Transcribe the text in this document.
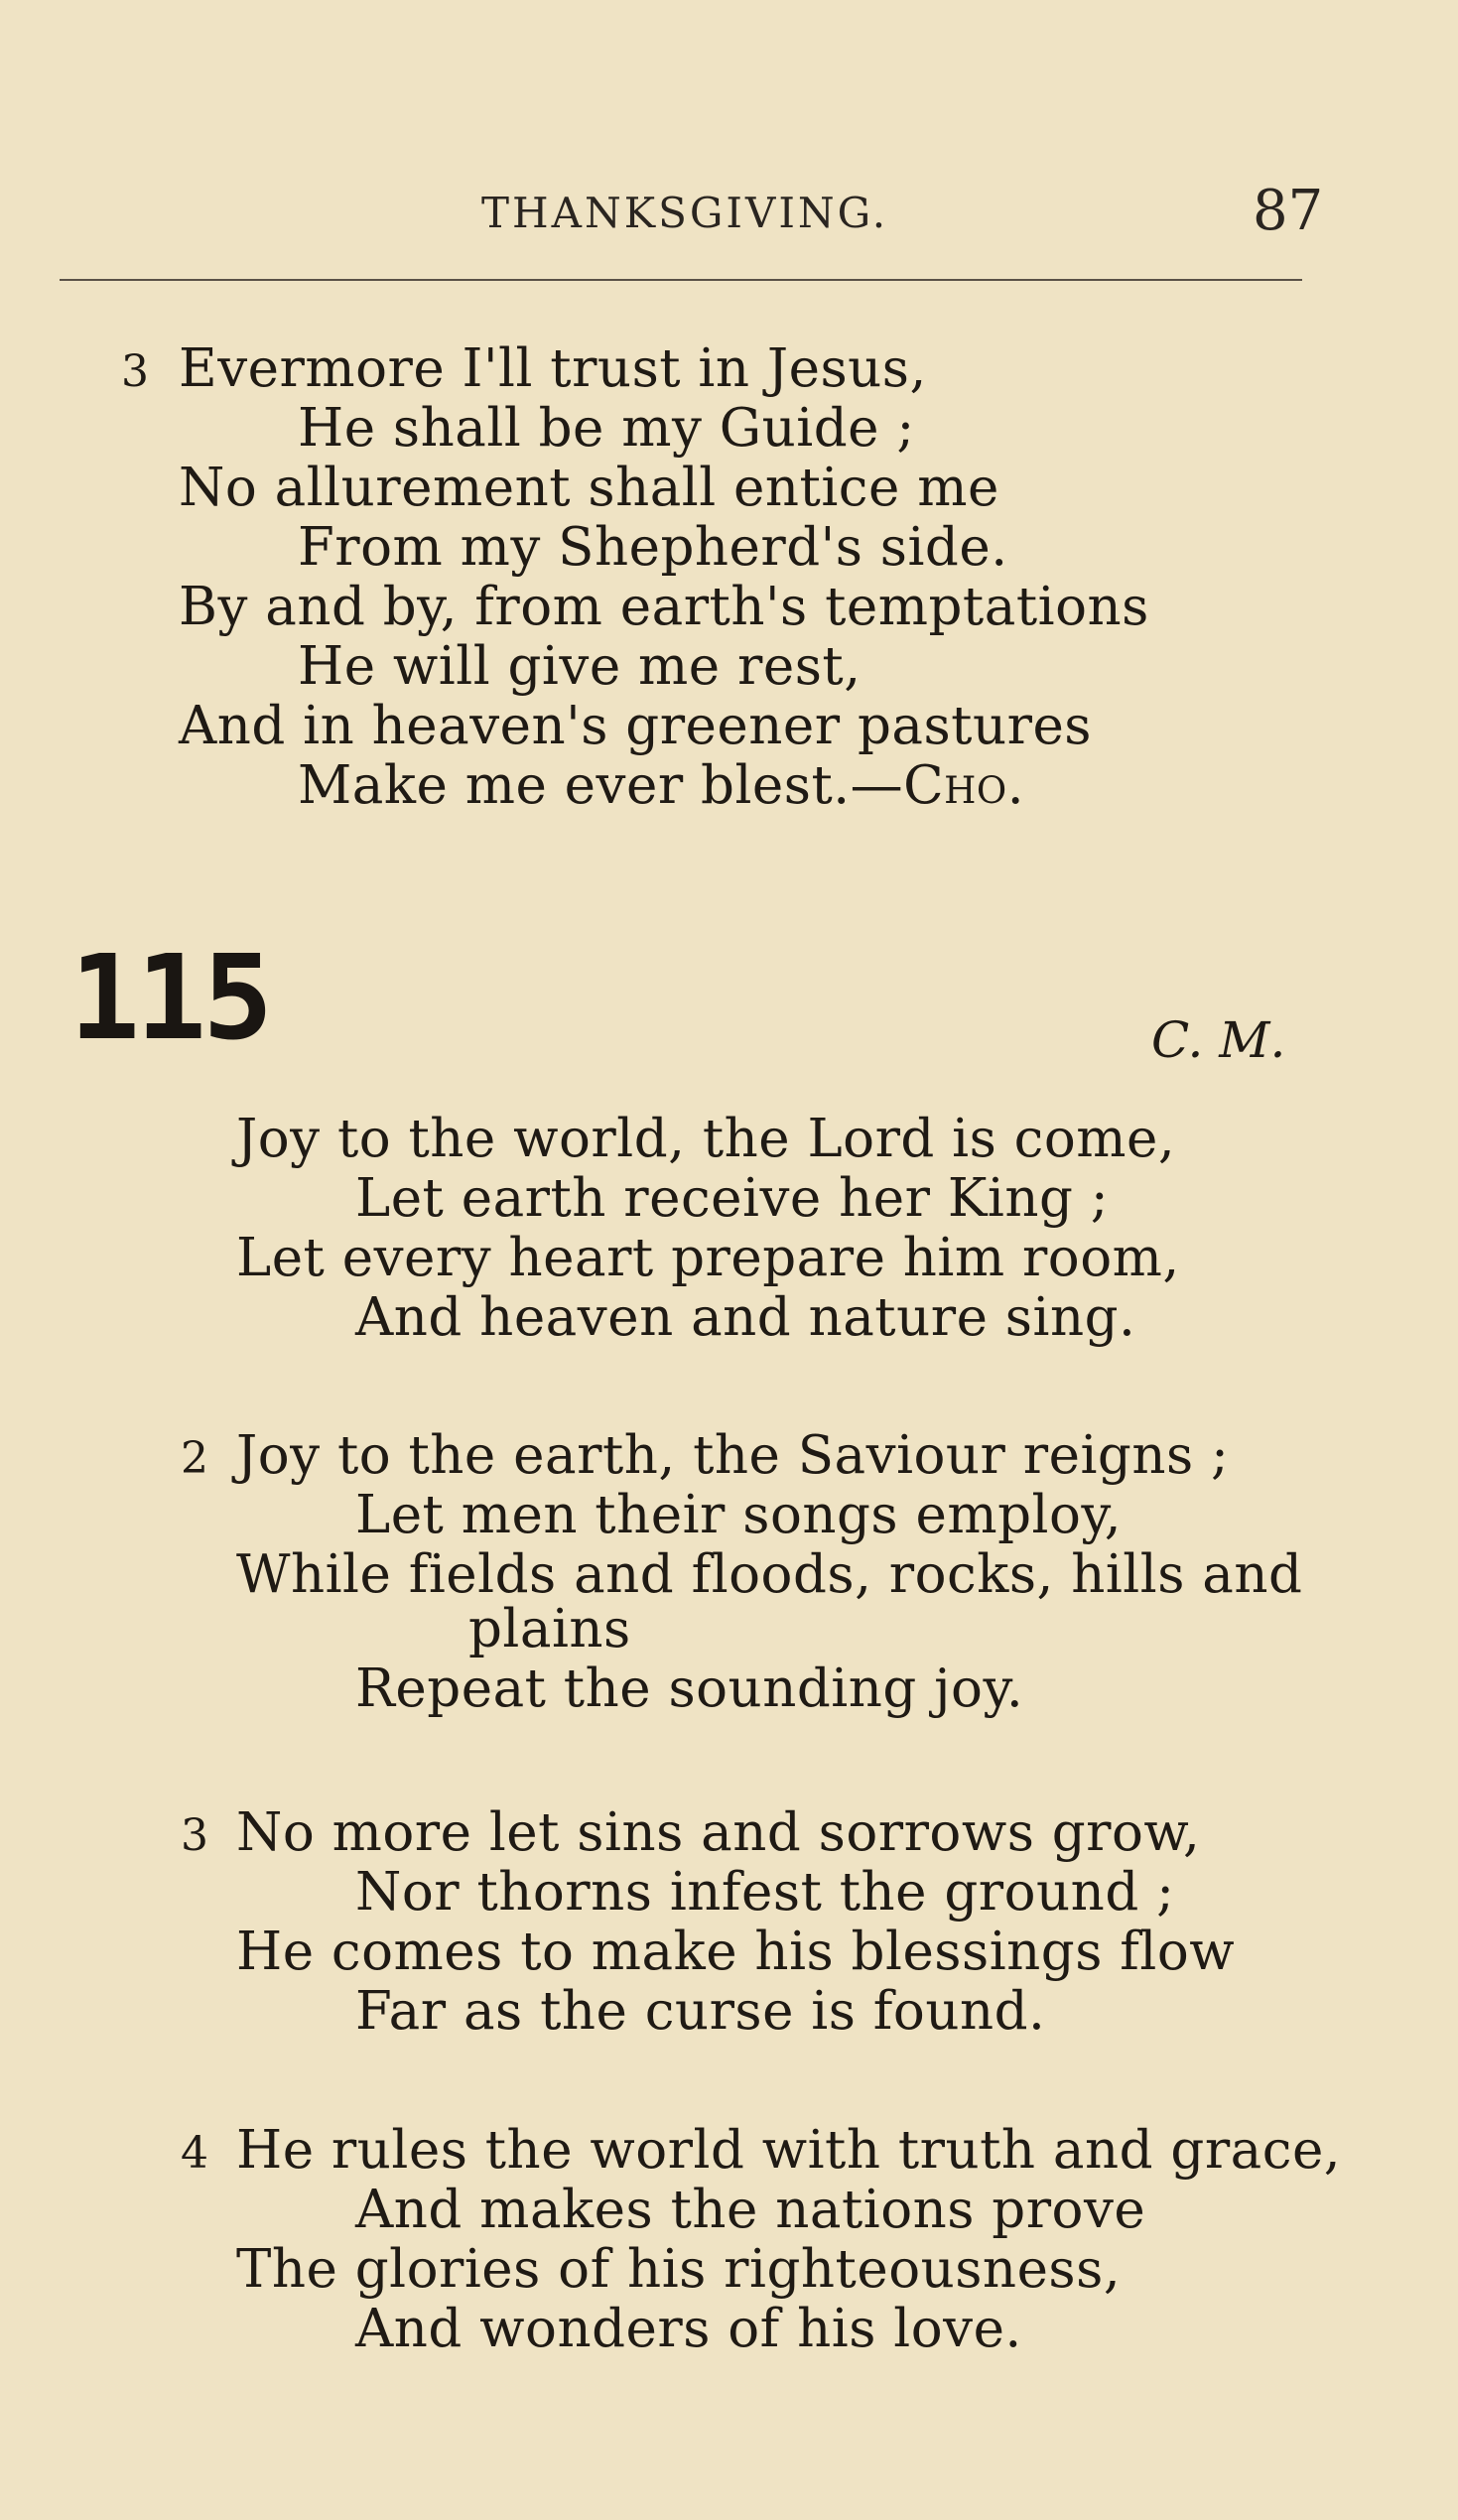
THANKSGIVING.	87
3 Evermore I'll trust in Jesus,
He shall be my Guide ;
No allurement shall entice me
From my Shepherd's side.
By and by, from earth's temptations
He will give me rest,
And in heaven's greener pastures
Make me ever blest.—Cho.
115	C. M.
Joy to the world, the Lord is come,
Let earth receive her King ;
Let every heart prepare him room,
And heaven and nature sing.
2 Joy to the earth, the Saviour reigns ;
Let men their songs employ,
While fields and floods, rocks, hills and
plains
Repeat the sounding joy.
3 No more let sins and sorrows grow,
Nor thorns infest the ground ;
He comes to make his blessings flow
Far as the curse is found.
4 He rules the world with truth and grace,
And makes the nations prove
The glories of his righteousness,
And wonders of his love.
